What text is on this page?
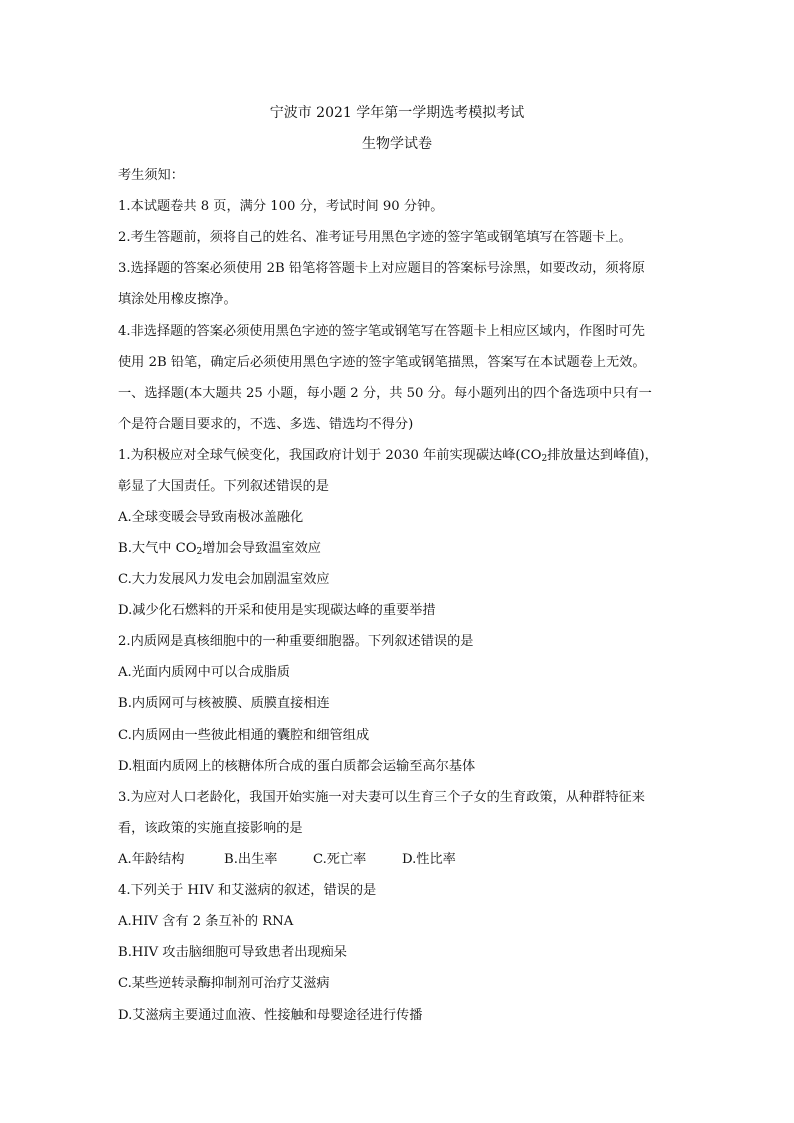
宁波市 2021 学年第一学期选考模拟考试
生物学试卷
考生须知：
1.本试题卷共 8 页，满分 100 分，考试时间 90 分钟。
2.考生答题前，须将自己的姓名、准考证号用黑色字迹的签字笔或钢笔填写在答题卡上。
3.选择题的答案必须使用 2B 铅笔将答题卡上对应题目的答案标号涂黑，如要改动，须将原
填涂处用橡皮擦净。
4.非选择题的答案必须使用黑色字迹的签字笔或钢笔写在答题卡上相应区域内，作图时可先
使用 2B 铅笔，确定后必须使用黑色字迹的签字笔或钢笔描黑，答案写在本试题卷上无效。
一、选择题(本大题共 25 小题，每小题 2 分，共 50 分。每小题列出的四个备选项中只有一
个是符合题目要求的，不选、多选、错选均不得分)
1.为积极应对全球气候变化，我国政府计划于 2030 年前实现碳达峰($CO_2$排放量达到峰值)，
彰显了大国责任。下列叙述错误的是
A.全球变暖会导致南极冰盖融化
B.大气中 $CO_2$增加会导致温室效应
C.大力发展风力发电会加剧温室效应
D.减少化石燃料的开采和使用是实现碳达峰的重要举措
2.内质网是真核细胞中的一种重要细胞器。下列叙述错误的是
A.光面内质网中可以合成脂质
B.内质网可与核被膜、质膜直接相连
C.内质网由一些彼此相通的囊腔和细管组成
D.粗面内质网上的核糖体所合成的蛋白质都会运输至高尔基体
3.为应对人口老龄化，我国开始实施一对夫妻可以生育三个子女的生育政策，从种群特征来
看，该政策的实施直接影响的是
A.年龄结构	B.出生率	C.死亡率	D.性比率
4.下列关于 HIV 和艾滋病的叙述，错误的是
A.HIV 含有 2 条互补的 RNA
B.HIV 攻击脑细胞可导致患者出现痴呆
C.某些逆转录酶抑制剂可治疗艾滋病
D.艾滋病主要通过血液、性接触和母婴途径进行传播
